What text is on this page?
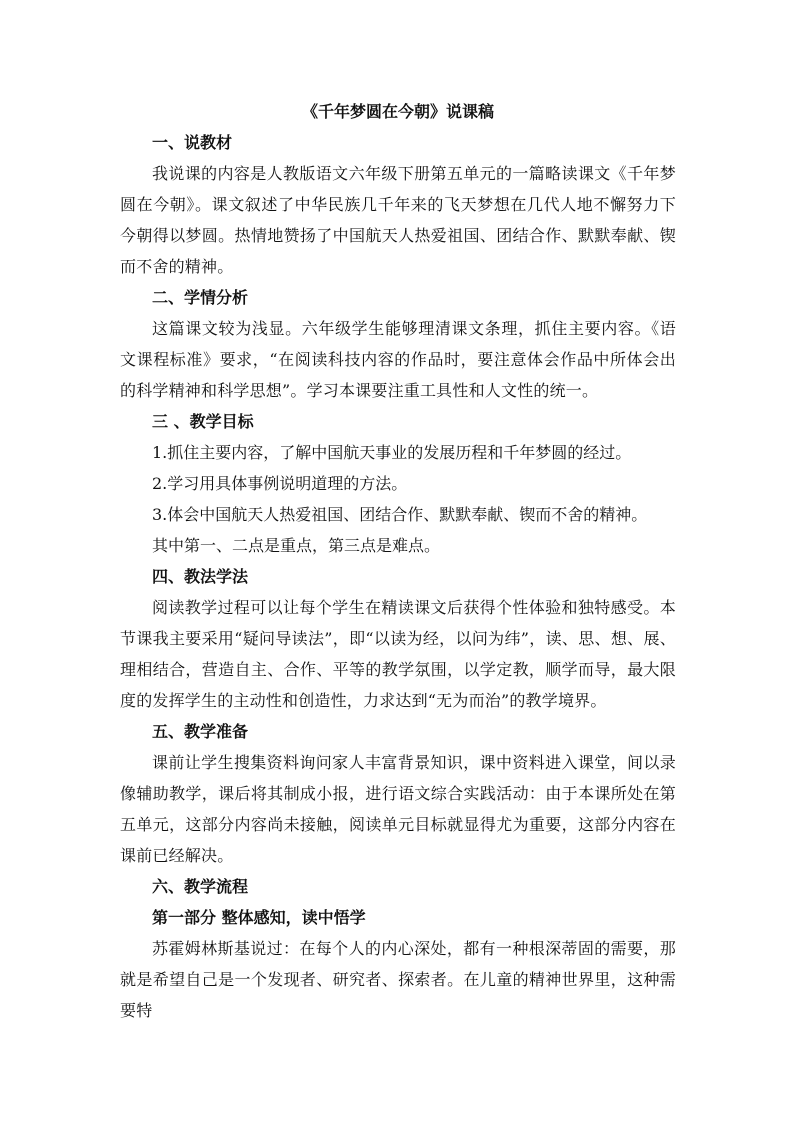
《千年梦圆在今朝》说课稿

一、说教材

我说课的内容是人教版语文六年级下册第五单元的一篇略读课文《千年梦圆在今朝》。课文叙述了中华民族几千年来的飞天梦想在几代人地不懈努力下今朝得以梦圆。热情地赞扬了中国航天人热爱祖国、团结合作、默默奉献、锲而不舍的精神。

二、学情分析

这篇课文较为浅显。六年级学生能够理清课文条理，抓住主要内容。《语文课程标准》要求，“在阅读科技内容的作品时，要注意体会作品中所体会出的科学精神和科学思想”。学习本课要注重工具性和人文性的统一。

三 、教学目标

1.抓住主要内容，了解中国航天事业的发展历程和千年梦圆的经过。

2.学习用具体事例说明道理的方法。

3.体会中国航天人热爱祖国、团结合作、默默奉献、锲而不舍的精神。

其中第一、二点是重点，第三点是难点。

四、教法学法

阅读教学过程可以让每个学生在精读课文后获得个性体验和独特感受。本节课我主要采用“疑问导读法”，即“以读为经，以问为纬”，读、思、想、展、理相结合，营造自主、合作、平等的教学氛围，以学定教，顺学而导，最大限度的发挥学生的主动性和创造性，力求达到“无为而治”的教学境界。

五、教学准备

课前让学生搜集资料询问家人丰富背景知识，课中资料进入课堂，间以录像辅助教学，课后将其制成小报，进行语文综合实践活动：由于本课所处在第五单元，这部分内容尚未接触，阅读单元目标就显得尤为重要，这部分内容在课前已经解决。

六、教学流程

第一部分 整体感知，读中悟学

苏霍姆林斯基说过：在每个人的内心深处，都有一种根深蒂固的需要，那就是希望自己是一个发现者、研究者、探索者。在儿童的精神世界里，这种需要特
